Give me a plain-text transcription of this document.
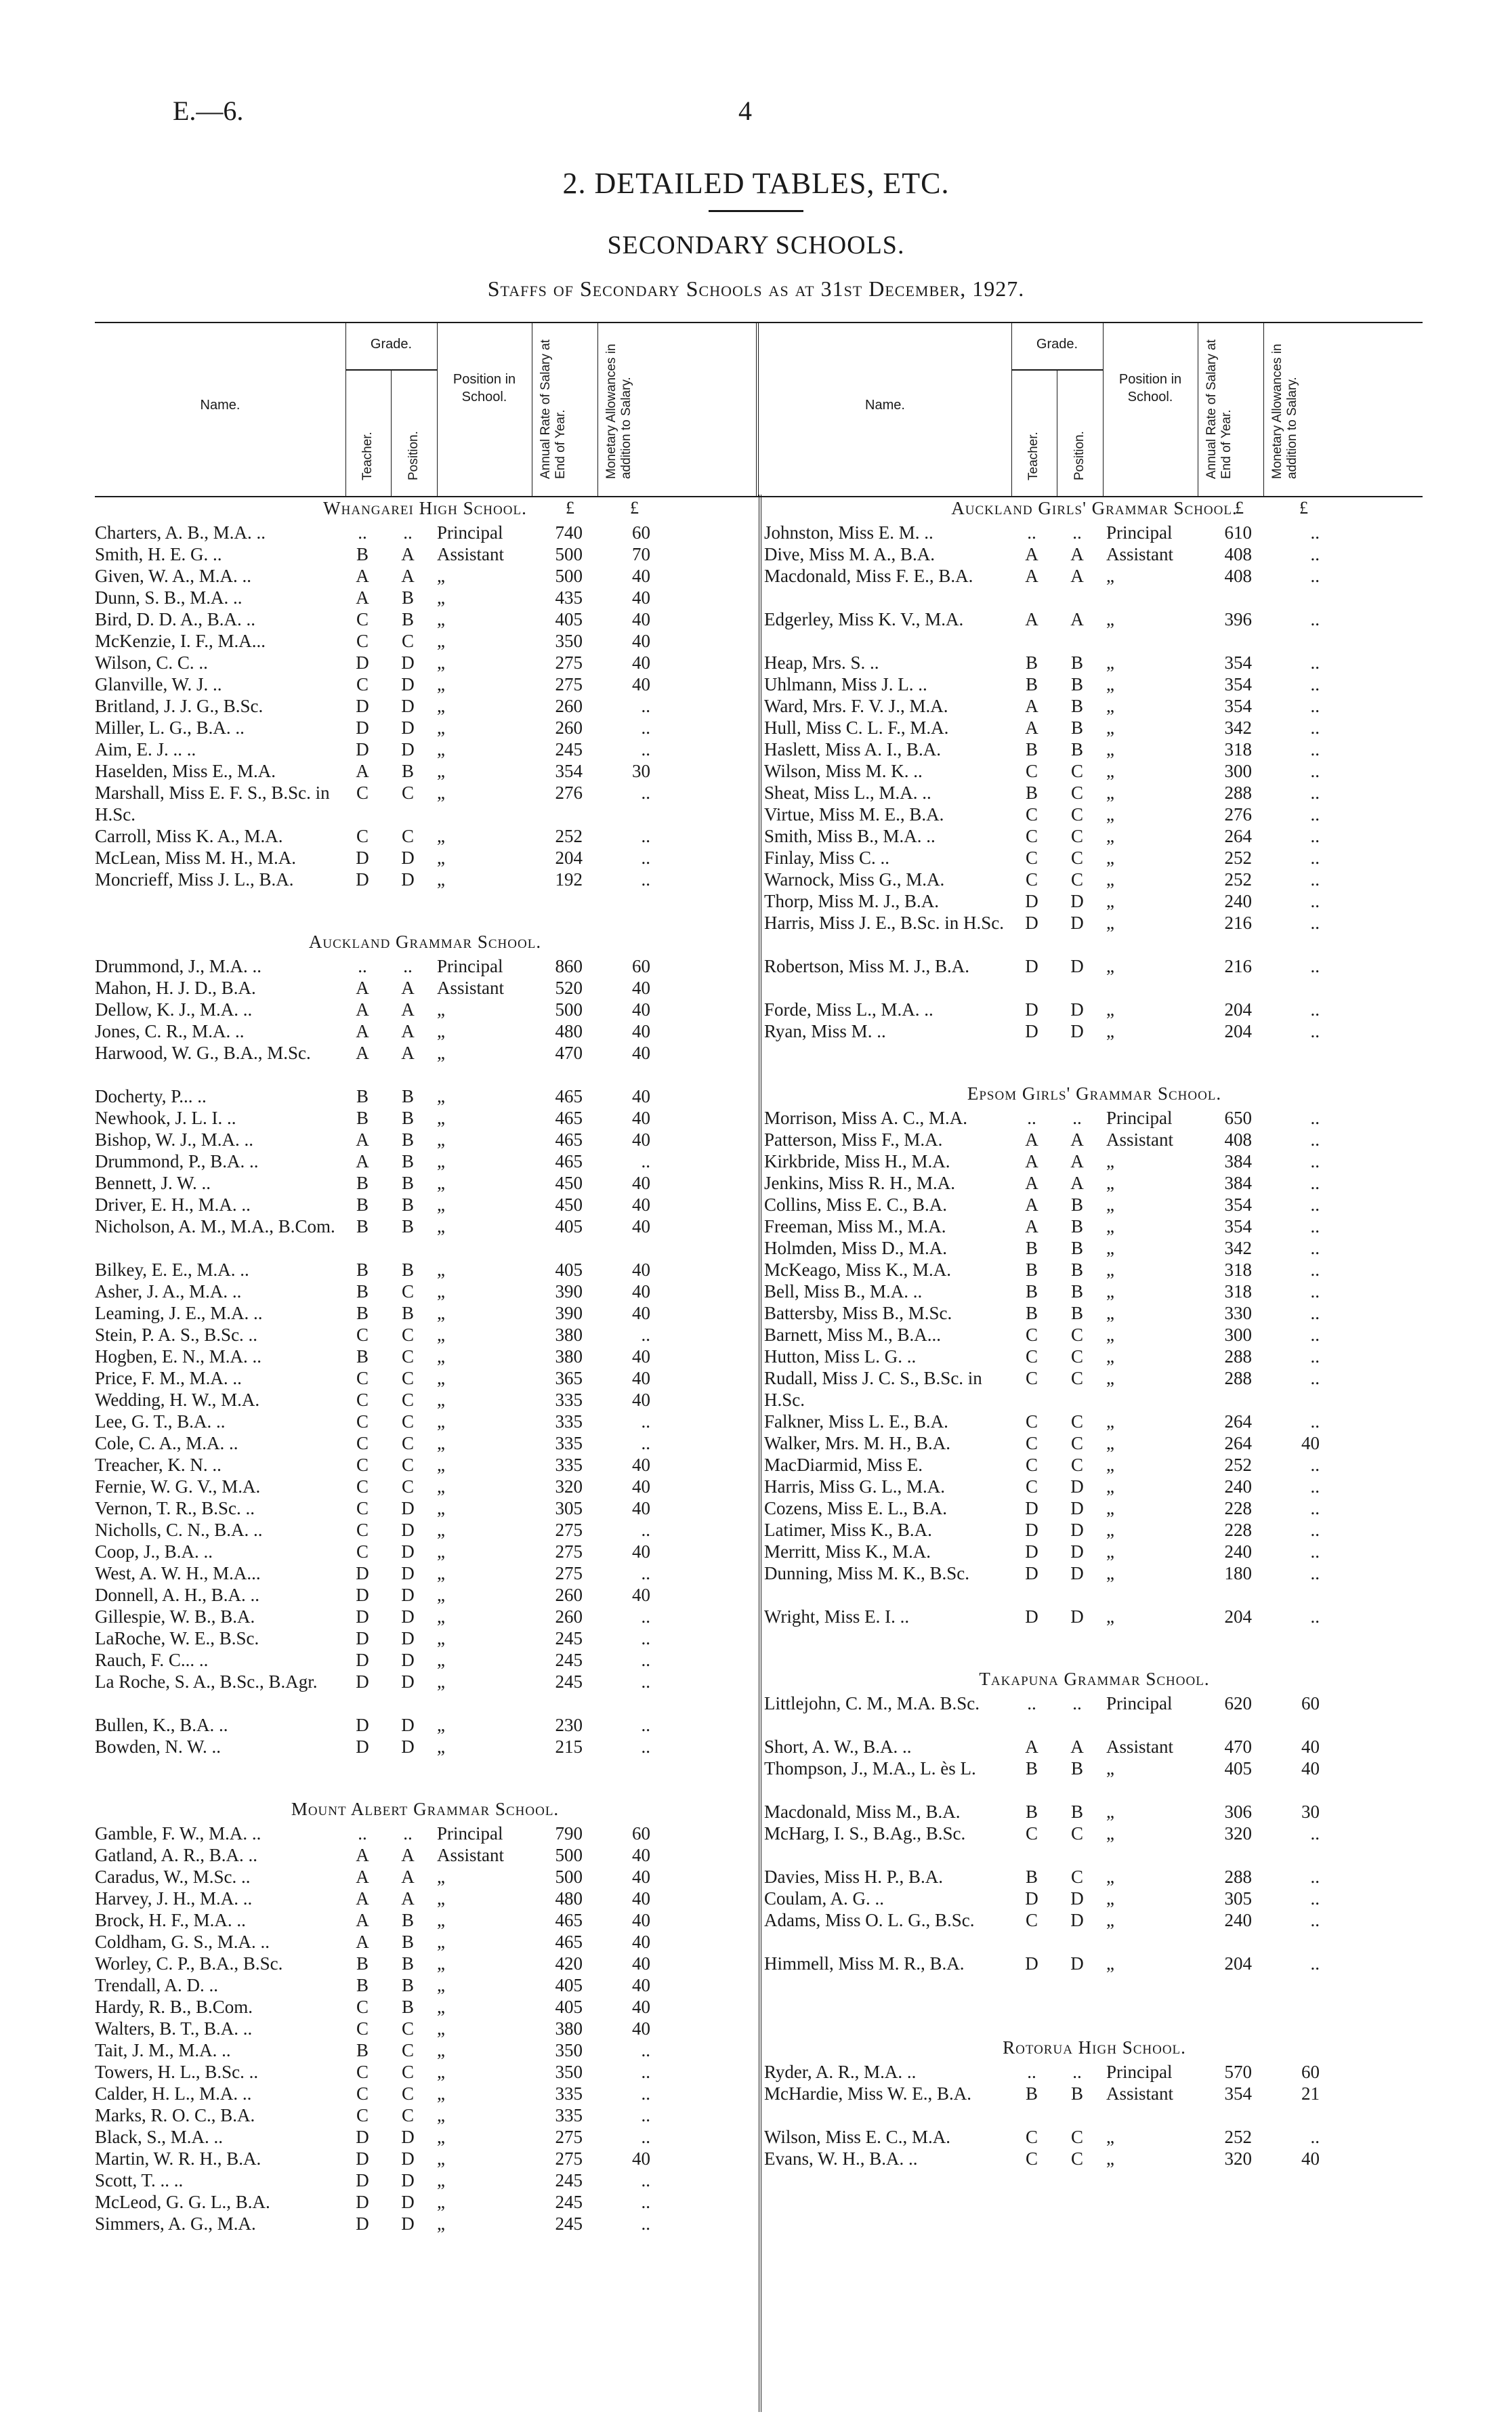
E.—6.	4
2. DETAILED TABLES, ETC.
SECONDARY SCHOOLS.
Staffs of Secondary Schools as at 31st December, 1927.
Name.
Grade.
Teacher. Position.
Position in School.	Annual Rate of Salary at End of Year.	Monetary Allowances in addition to Salary.	Name.
Grade.
Teacher. Position.
Position in School.	Annual Rate of Salary at End of Year.	Monetary Allowances in addition to Salary.
Whangarei High School. £	£
Charters, A. B., M.A. ..	..	..	Principal	740	60
Smith, H. E. G. ..	B	A	Assistant	500	70
Given, W. A., M.A. ..	A	A	„	500	40
Dunn, S. B., M.A. ..	A	B	„	435	40
Bird, D. D. A., B.A. ..	C	B	„	405	40
McKenzie, I. F., M.A...	C	C	„	350	40
Wilson, C. C. ..	D	D	„	275	40
Glanville, W. J. ..	C	D	„	275	40
Britland, J. J. G., B.Sc.	D	D	„	260	..
Miller, L. G., B.A. ..	D	D	„	260	..
Aim, E. J. .. ..	D	D	„	245	..
Haselden, Miss E., M.A.	A	B	„	354	30
Marshall, Miss E. F. S., B.Sc. in H.Sc.
C	C	„	276	..
Carroll, Miss K. A., M.A.	C	C	„	252	..
McLean, Miss M. H., M.A.	D	D	„	204	..
Moncrieff, Miss J. L., B.A.	D	D	„	192	..
Auckland Grammar School.
Drummond, J., M.A. ..	..	..	Principal	860	60
Mahon, H. J. D., B.A.	A	A	Assistant	520	40
Dellow, K. J., M.A. ..	A	A	„	500	40
Jones, C. R., M.A. ..	A	A	„	480	40
Harwood, W. G., B.A., M.Sc.	A	A	„	470	40
Docherty, P... ..	B	B	„	465	40
Newhook, J. L. I. ..	B	B	„	465	40
Bishop, W. J., M.A. ..	A	B	„	465	40
Drummond, P., B.A. ..	A	B	„	465	..
Bennett, J. W. ..	B	B	„	450	40
Driver, E. H., M.A. ..	B	B	„	450	40
Nicholson, A. M., M.A., B.Com.	B	B	„	405	40
Bilkey, E. E., M.A. ..	B	B	„	405	40
Asher, J. A., M.A. ..	B	C	„	390	40
Leaming, J. E., M.A. ..	B	B	„	390	40
Stein, P. A. S., B.Sc. ..	C	C	„	380	..
Hogben, E. N., M.A. ..	B	C	„	380	40
Price, F. M., M.A. ..	C	C	„	365	40
Wedding, H. W., M.A.	C	C	„	335	40
Lee, G. T., B.A. ..	C	C	„	335	..
Cole, C. A., M.A. ..	C	C	„	335	..
Treacher, K. N. ..	C	C	„	335	40
Fernie, W. G. V., M.A.	C	C	„	320	40
Vernon, T. R., B.Sc. ..	C	D	„	305	40
Nicholls, C. N., B.A. ..	C	D	„	275	..
Coop, J., B.A. ..	C	D	„	275	40
West, A. W. H., M.A...	D	D	„	275	..
Donnell, A. H., B.A. ..	D	D	„	260	40
Gillespie, W. B., B.A.	D	D	„	260	..
LaRoche, W. E., B.Sc.	D	D	„	245	..
Rauch, F. C... ..	D	D	„	245	..
La Roche, S. A., B.Sc., B.Agr.	D	D	„	245	..
Bullen, K., B.A. ..	D	D	„	230	..
Bowden, N. W. ..	D	D	„	215	..
Mount Albert Grammar School.
Gamble, F. W., M.A. ..	..	..	Principal	790	60
Gatland, A. R., B.A. ..	A	A	Assistant	500	40
Caradus, W., M.Sc. ..	A	A	„	500	40
Harvey, J. H., M.A. ..	A	A	„	480	40
Brock, H. F., M.A. ..	A	B	„	465	40
Coldham, G. S., M.A. ..	A	B	„	465	40
Worley, C. P., B.A., B.Sc.	B	B	„	420	40
Trendall, A. D. ..	B	B	„	405	40
Hardy, R. B., B.Com.	C	B	„	405	40
Walters, B. T., B.A. ..	C	C	„	380	40
Tait, J. M., M.A. ..	B	C	„	350	..
Towers, H. L., B.Sc. ..	C	C	„	350	..
Calder, H. L., M.A. ..	C	C	„	335	..
Marks, R. O. C., B.A.	C	C	„	335	..
Black, S., M.A. ..	D	D	„	275	..
Martin, W. R. H., B.A.	D	D	„	275	40
Scott, T. .. ..	D	D	„	245	..
McLeod, G. G. L., B.A.	D	D	„	245	..
Simmers, A. G., M.A.	D	D	„	245	..
Auckland Girls' Grammar School.
£	£
Johnston, Miss E. M. ..	..	..	Principal	610	..
Dive, Miss M. A., B.A.	A	A	Assistant	408	..
Macdonald, Miss F. E., B.A.	A	A	„	408	..
Edgerley, Miss K. V., M.A.	A	A	„	396	..
Heap, Mrs. S. ..	B	B	„	354	..
Uhlmann, Miss J. L. ..	B	B	„	354	..
Ward, Mrs. F. V. J., M.A.	A	B	„	354	..
Hull, Miss C. L. F., M.A.	A	B	„	342	..
Haslett, Miss A. I., B.A.	B	B	„	318	..
Wilson, Miss M. K. ..	C	C	„	300	..
Sheat, Miss L., M.A. ..	B	C	„	288	..
Virtue, Miss M. E., B.A.	C	C	„	276	..
Smith, Miss B., M.A. ..	C	C	„	264	..
Finlay, Miss C. ..	C	C	„	252	..
Warnock, Miss G., M.A.	C	C	„	252	..
Thorp, Miss M. J., B.A.	D	D	„	240	..
Harris, Miss J. E., B.Sc. in H.Sc.	D	D	„	216	..
Robertson, Miss M. J., B.A.	D	D	„	216	..
Forde, Miss L., M.A. ..	D	D	„	204	..
Ryan, Miss M. ..	D	D	„	204	..
Epsom Girls' Grammar School.
Morrison, Miss A. C., M.A.	..	..	Principal	650	..
Patterson, Miss F., M.A.	A	A	Assistant	408	..
Kirkbride, Miss H., M.A.	A	A	„	384	..
Jenkins, Miss R. H., M.A.	A	A	„	384	..
Collins, Miss E. C., B.A.	A	B	„	354	..
Freeman, Miss M., M.A.	A	B	„	354	..
Holmden, Miss D., M.A.	B	B	„	342	..
McKeago, Miss K., M.A.	B	B	„	318	..
Bell, Miss B., M.A. ..	B	B	„	318	..
Battersby, Miss B., M.Sc.	B	B	„	330	..
Barnett, Miss M., B.A...	C	C	„	300	..
Hutton, Miss L. G. ..	C	C	„	288	..
Rudall, Miss J. C. S., B.Sc. in H.Sc.
C	C	„	288	..
Falkner, Miss L. E., B.A.	C	C	„	264	..
Walker, Mrs. M. H., B.A.	C	C	„	264	40
MacDiarmid, Miss E.	C	C	„	252	..
Harris, Miss G. L., M.A.	C	D	„	240	..
Cozens, Miss E. L., B.A.	D	D	„	228	..
Latimer, Miss K., B.A.	D	D	„	228	..
Merritt, Miss K., M.A.	D	D	„	240	..
Dunning, Miss M. K., B.Sc.	D	D	„	180	..
Wright, Miss E. I. ..	D	D	„	204	..
Takapuna Grammar School.
Littlejohn, C. M., M.A. B.Sc.	..	..	Principal	620	60
Short, A. W., B.A. ..	A	A	Assistant	470	40
Thompson, J., M.A., L. ès L.	B	B	„	405	40
Macdonald, Miss M., B.A.	B	B	„	306	30
McHarg, I. S., B.Ag., B.Sc.	C	C	„	320	..
Davies, Miss H. P., B.A.	B	C	„	288	..
Coulam, A. G. ..	D	D	„	305	..
Adams, Miss O. L. G., B.Sc.	C	D	„	240	..
Himmell, Miss M. R., B.A.	D	D	„	204	..
Rotorua High School.
Ryder, A. R., M.A. ..	..	..	Principal	570	60
McHardie, Miss W. E., B.A.	B	B	Assistant	354	21
Wilson, Miss E. C., M.A.	C	C	„	252	..
Evans, W. H., B.A. ..	C	C	„	320	40
